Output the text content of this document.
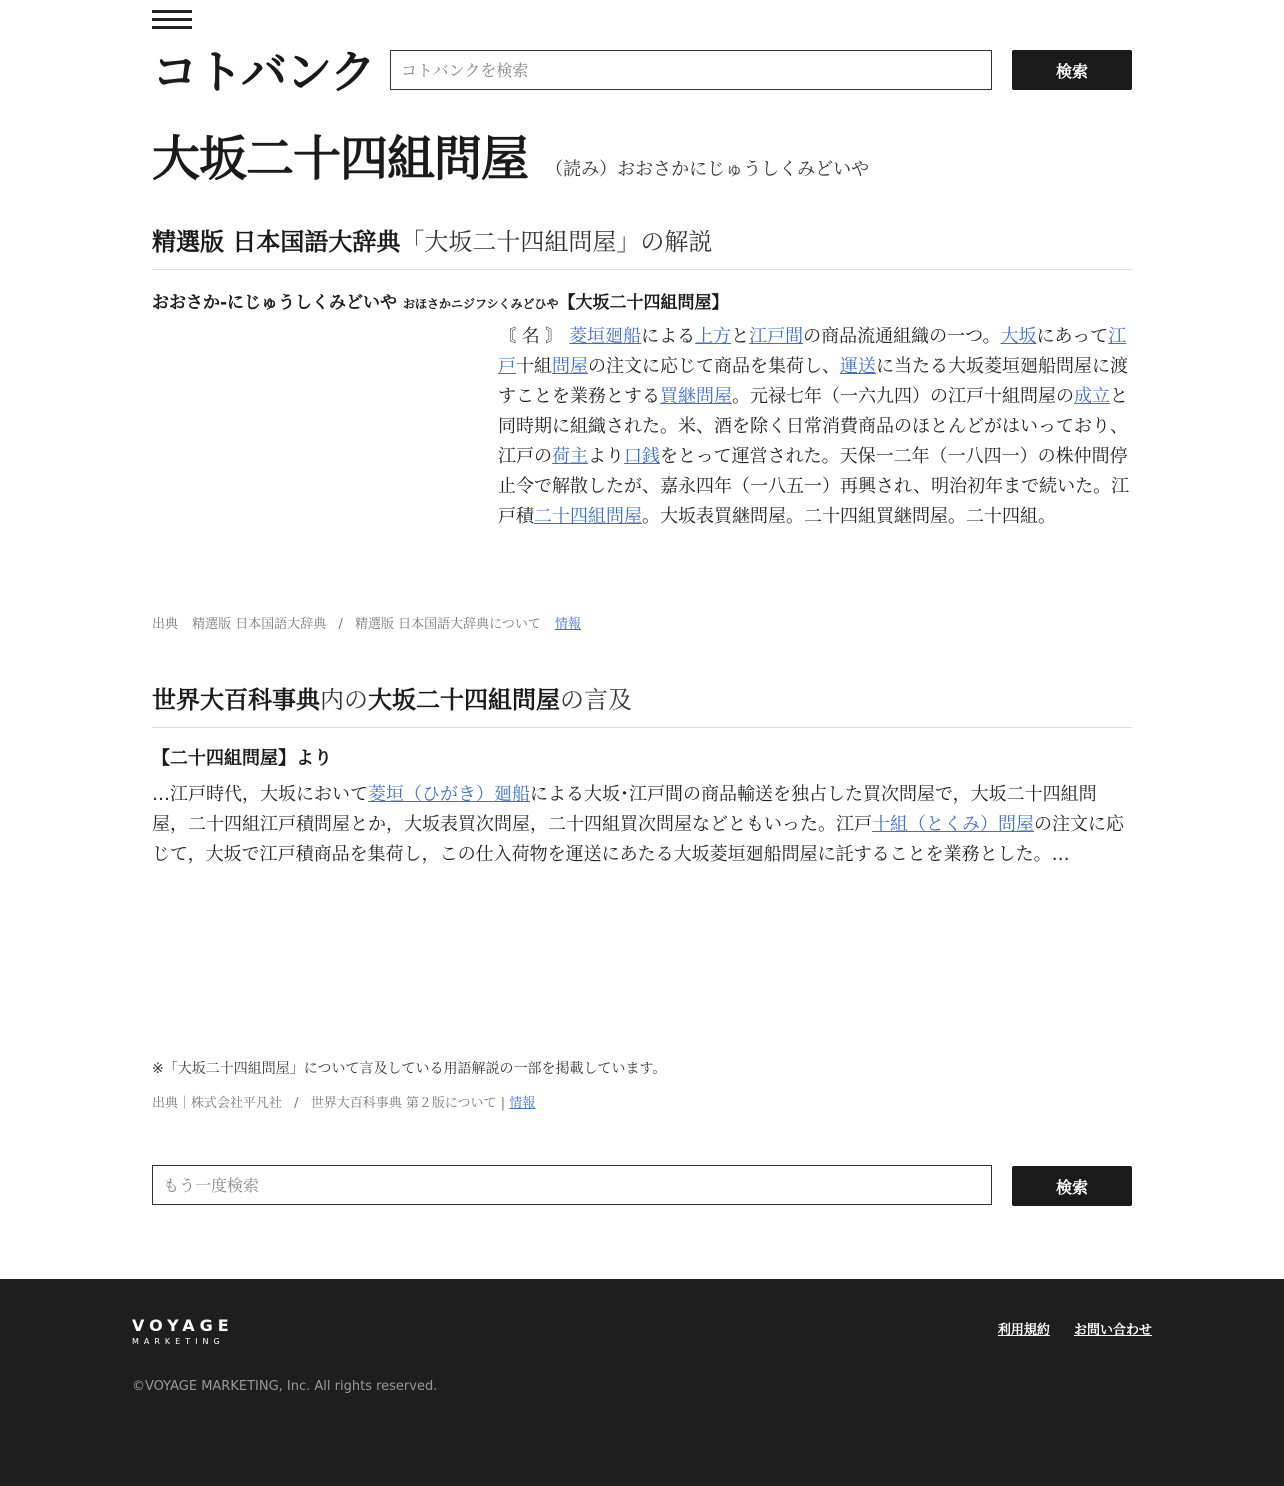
コトバンク
コトバンクを検索	検索
大坂二十四組問屋 （読み）おおさかにじゅうしくみどいや
精選版 日本国語大辞典「大坂二十四組問屋」の解説
おおさか‐にじゅうしくみどいや おほさかニジフシくみどひや【大坂二十四組問屋】
〘 名 〙 菱垣廻船による上方と江戸間の商品流通組織の一つ。大坂にあって江戸十組問屋の注文に応じて商品を集荷し、運送に当たる大坂菱垣廻船問屋に渡すことを業務とする買継問屋。元禄七年（一六九四）の江戸十組問屋の成立と同時期に組織された。米、酒を除く日常消費商品のほとんどがはいっており、江戸の荷主より口銭をとって運営された。天保一二年（一八四一）の株仲間停止令で解散したが、嘉永四年（一八五一）再興され、明治初年まで続いた。江戸積二十四組問屋。大坂表買継問屋。二十四組買継問屋。二十四組。
出典 精選版 日本国語大辞典 / 精選版 日本国語大辞典について 情報
世界大百科事典内の大坂二十四組問屋の言及
【二十四組問屋】より
…江戸時代，大坂において菱垣（ひがき）廻船による大坂･江戸間の商品輸送を独占した買次問屋で，大坂二十四組問屋，二十四組江戸積問屋とか，大坂表買次問屋，二十四組買次問屋などともいった。江戸十組（とくみ）問屋の注文に応じて，大坂で江戸積商品を集荷し，この仕入荷物を運送にあたる大坂菱垣廻船問屋に託することを業務とした。…
※「大坂二十四組問屋」について言及している用語解説の一部を掲載しています。
出典｜株式会社平凡社 / 世界大百科事典 第２版について | 情報
もう一度検索
検索
VOYAGE
MARKETING
利用規約 お問い合わせ
©VOYAGE MARKETING, Inc. All rights reserved.
